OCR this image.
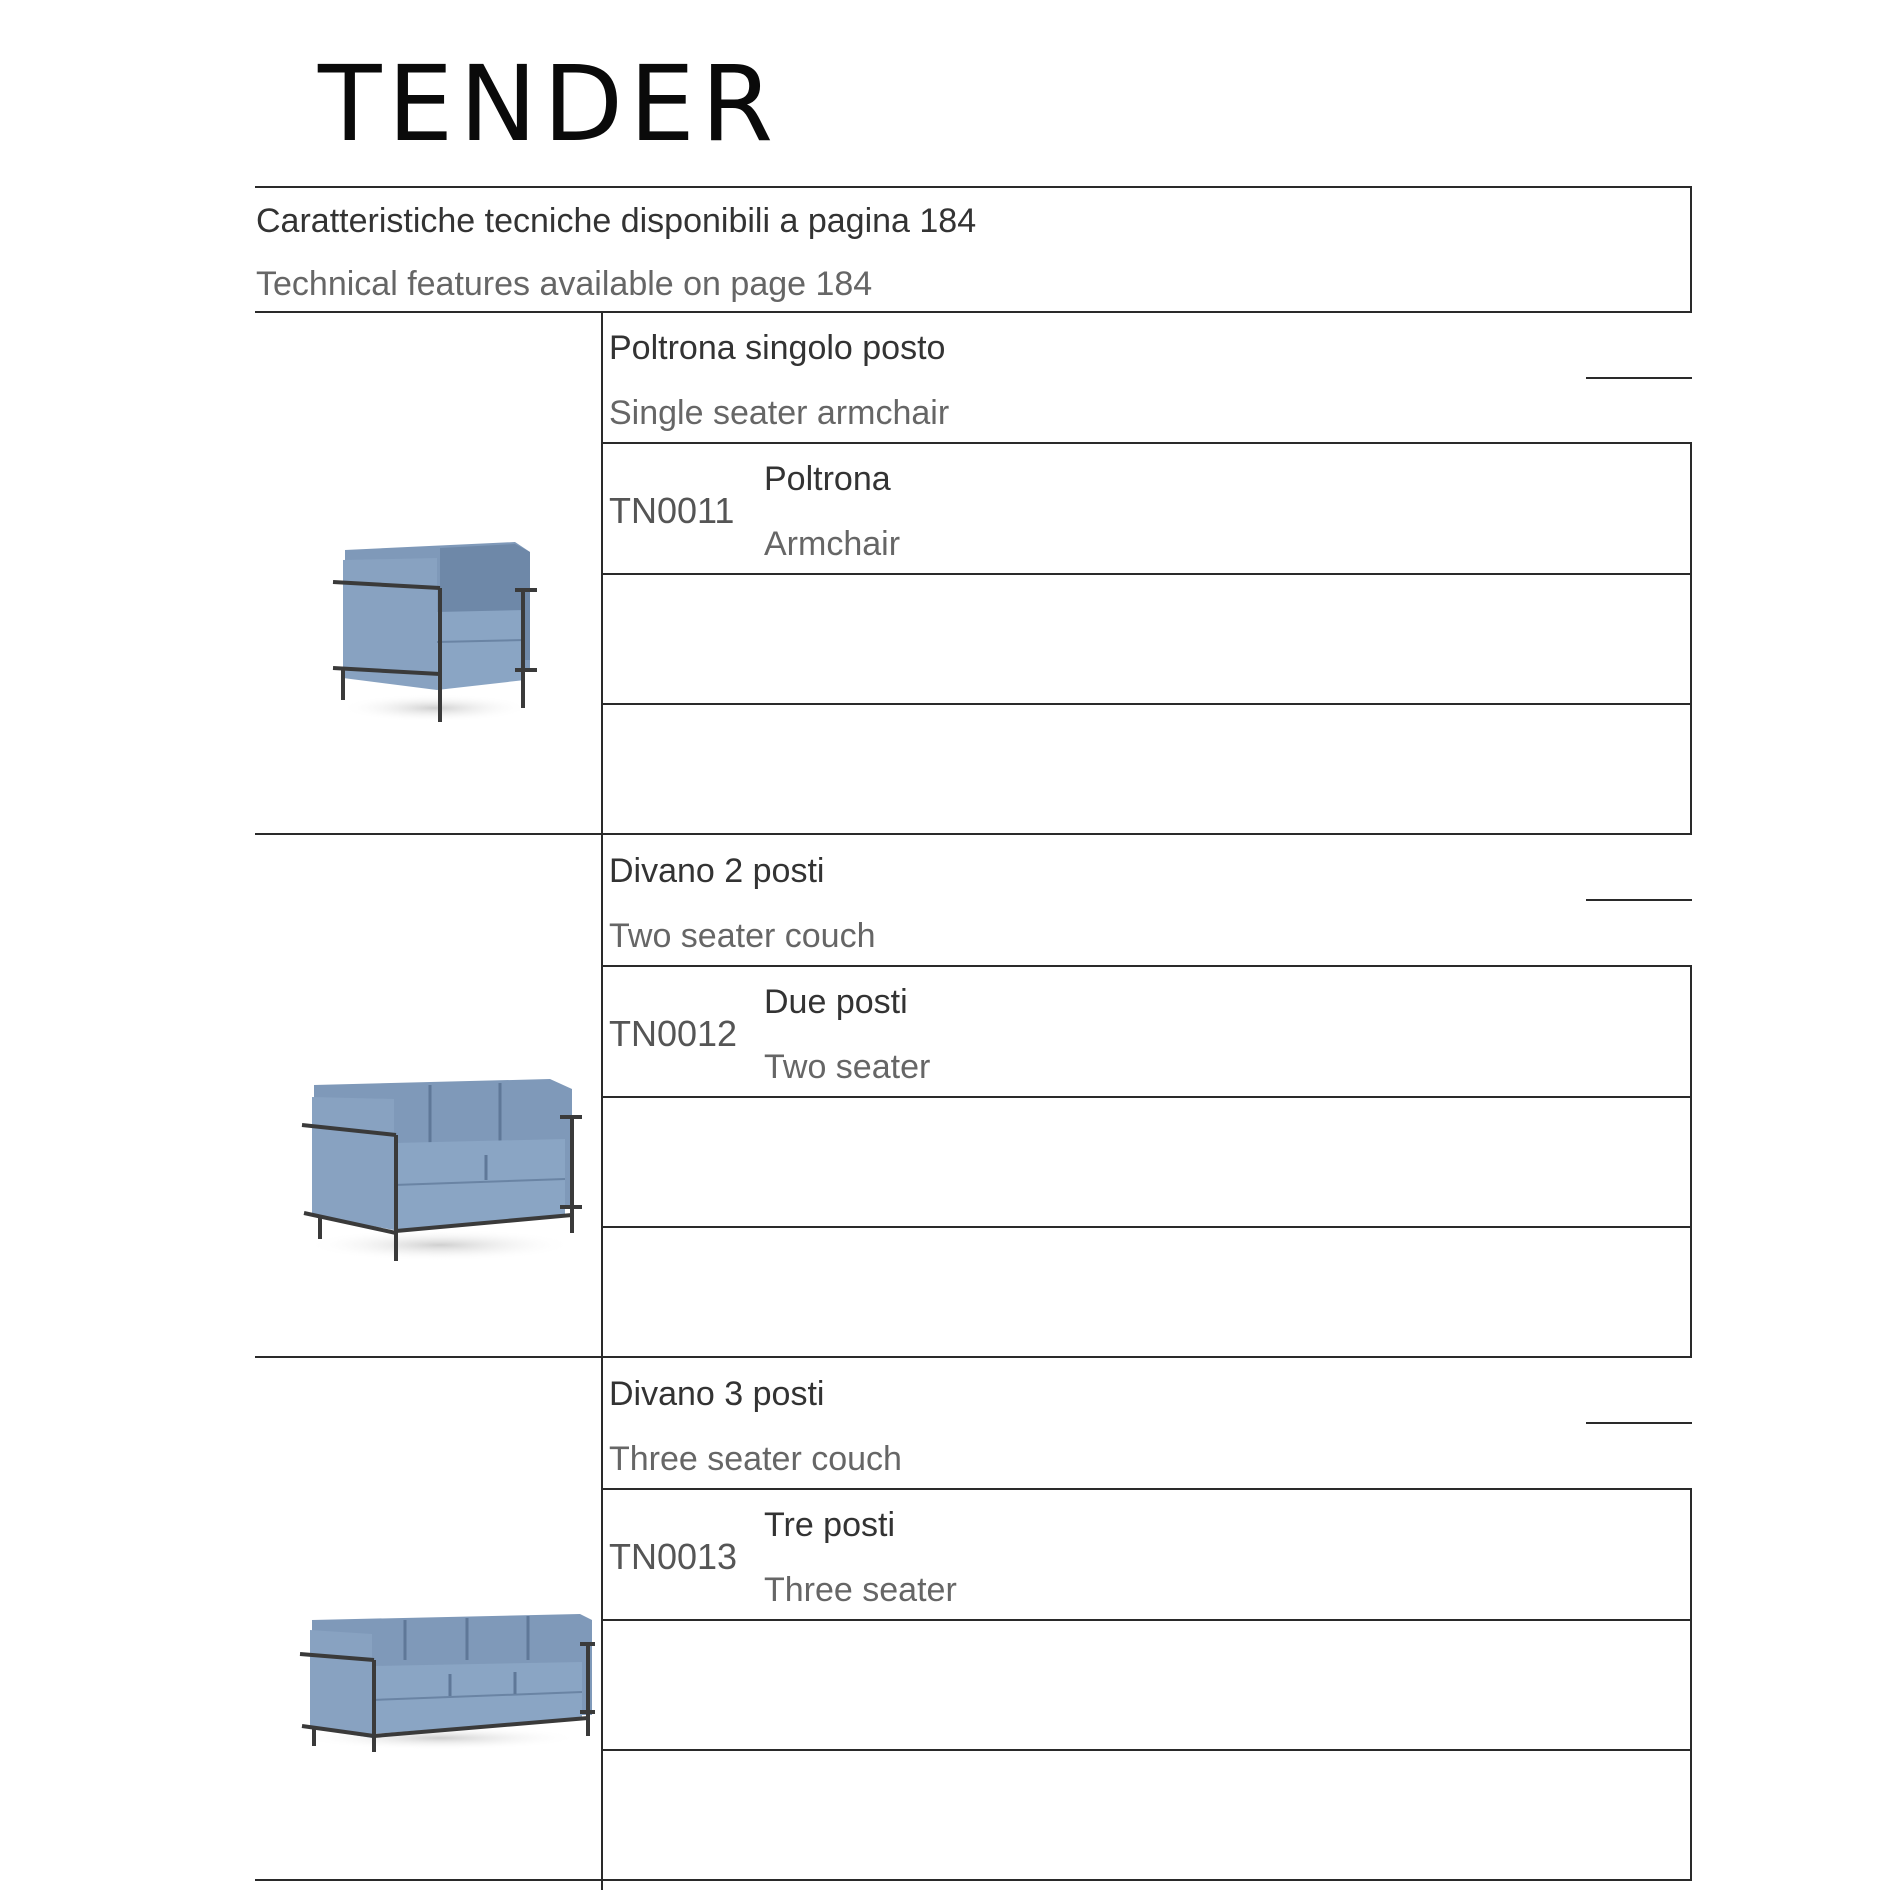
TENDER
Caratteristiche tecniche disponibili a pagina 184
Technical features available on page 184
Poltrona singolo posto
Single seater armchair
TN0011
Poltrona
Armchair
Divano 2 posti
Two seater couch
TN0012
Due posti
Two seater
Divano 3 posti
Three seater couch
TN0013
Tre posti
Three seater
